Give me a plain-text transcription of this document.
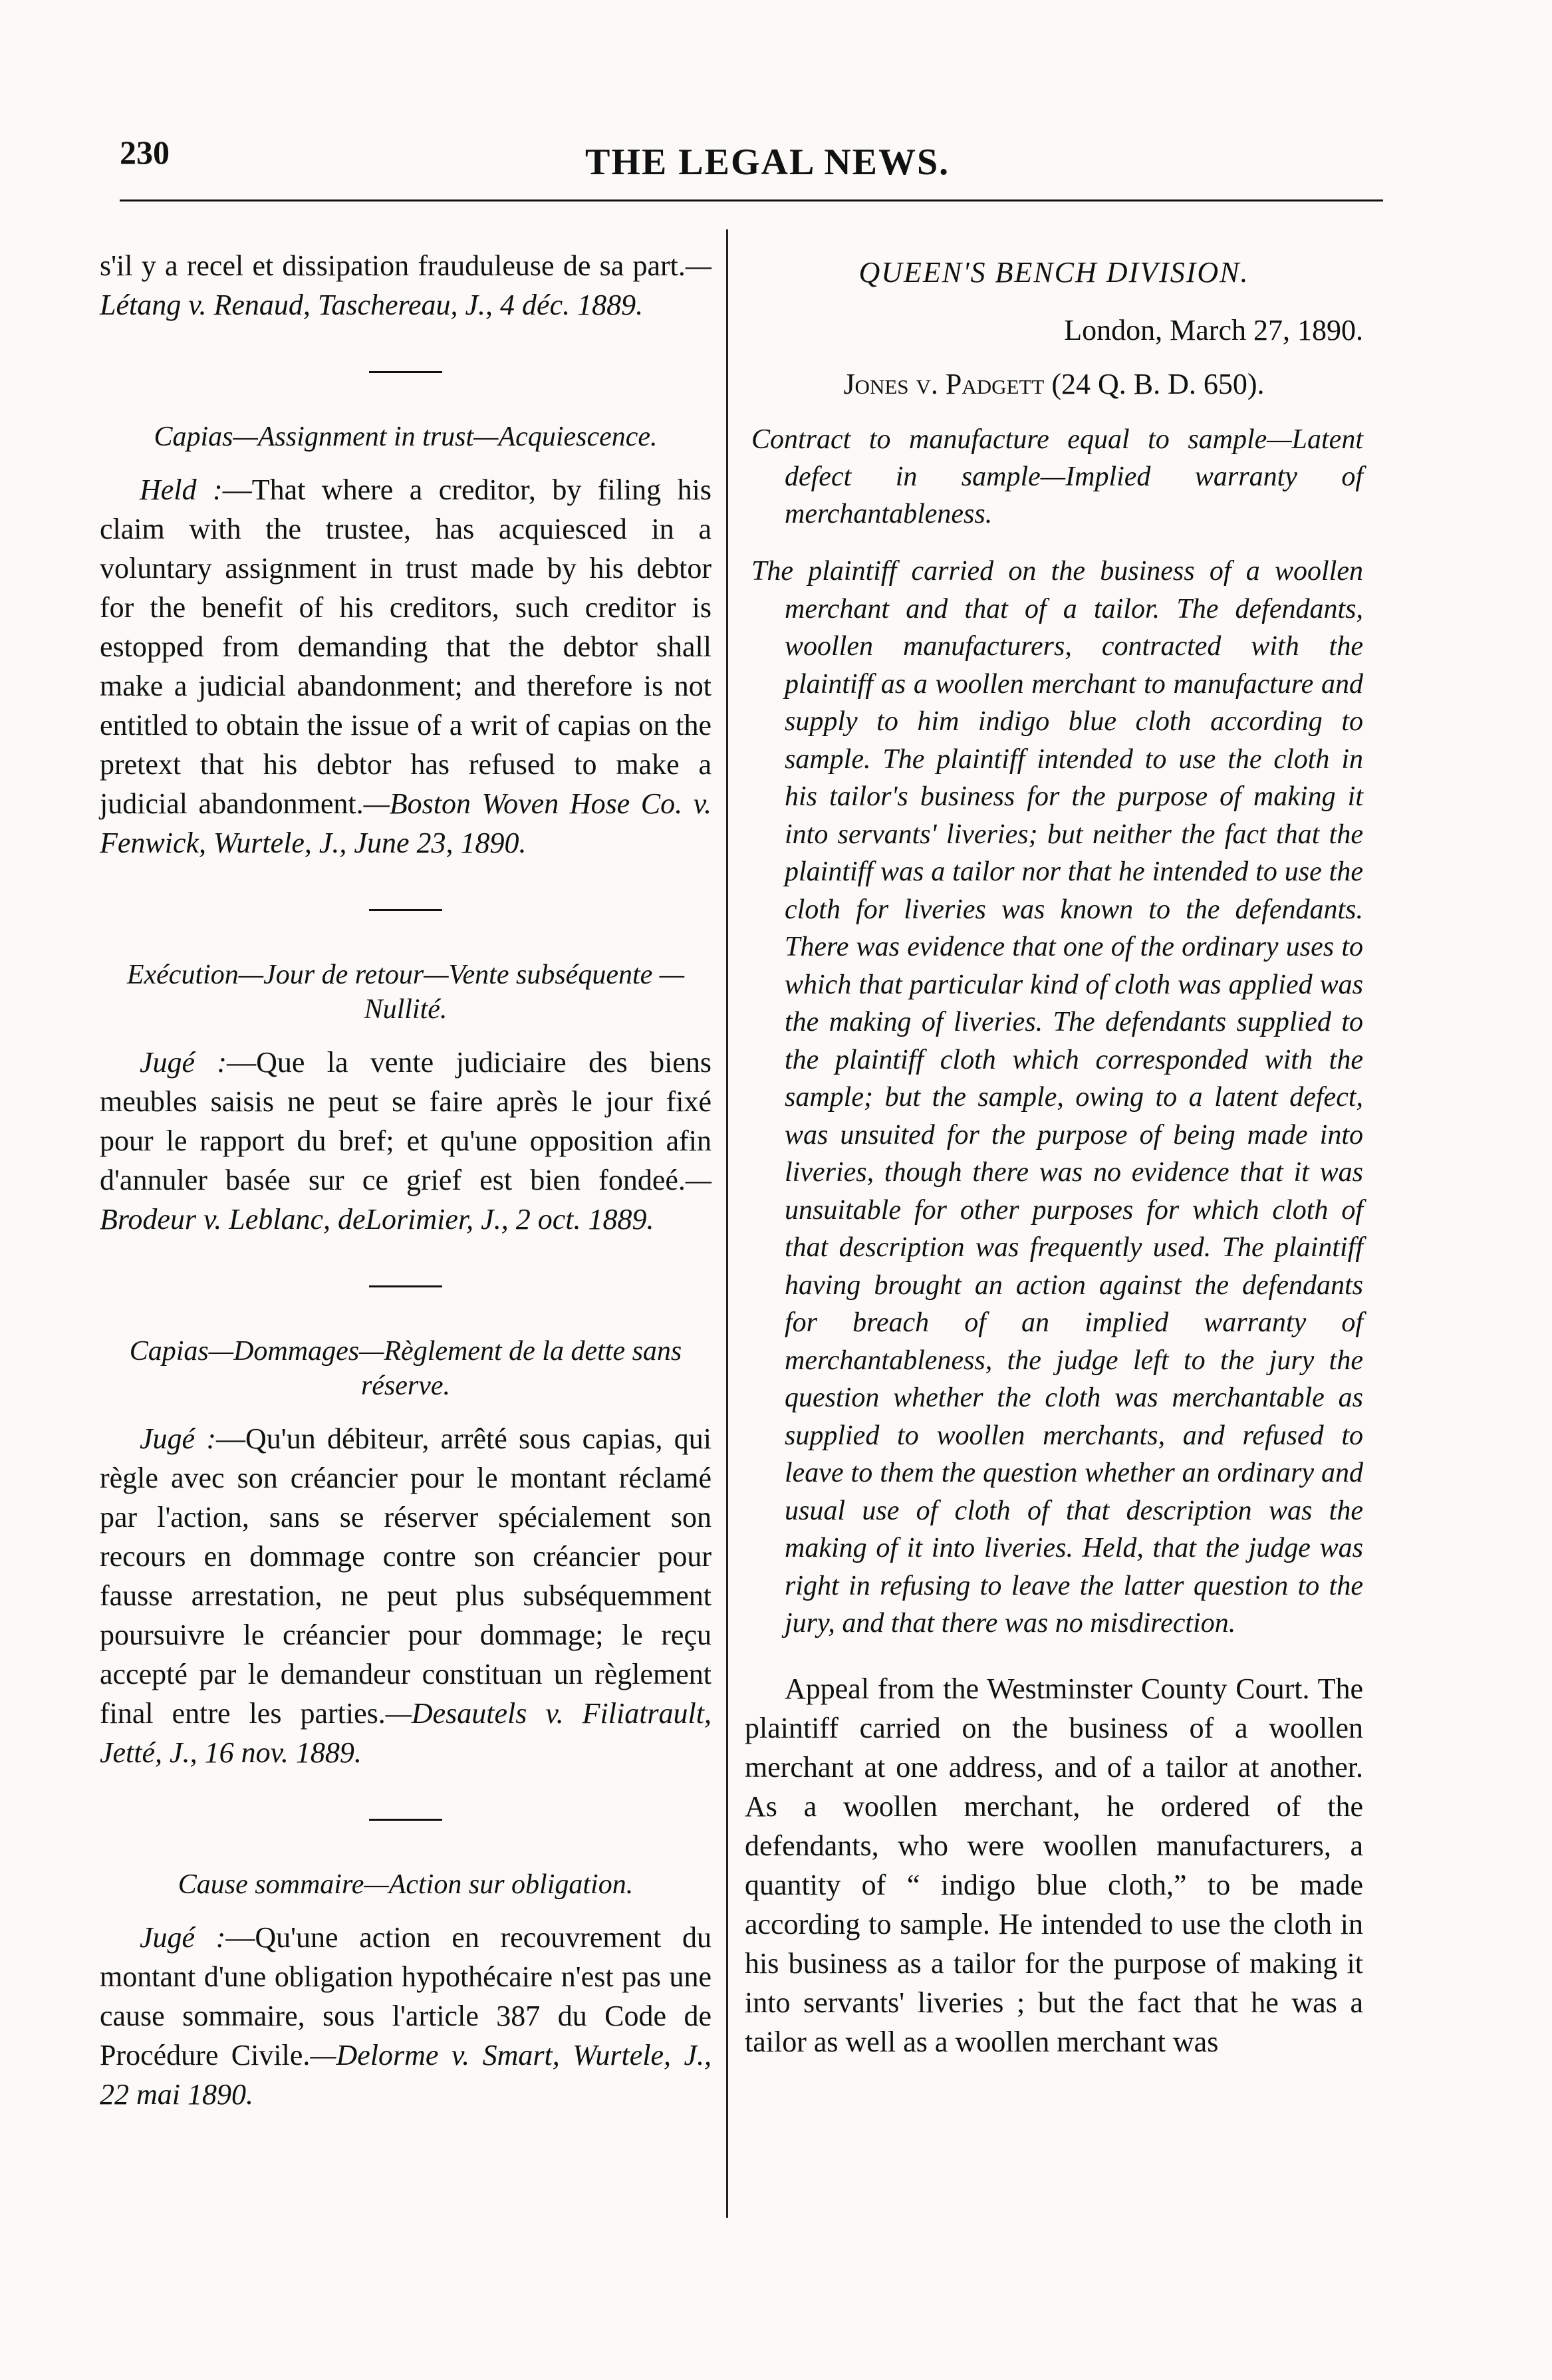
230	THE LEGAL NEWS.

s'il y a recel et dissipation frauduleuse de sa part.—Létang v. Renaud, Taschereau, J., 4 déc. 1889.

Capias—Assignment in trust—Acquiescence.

Held :—That where a creditor, by filing his claim with the trustee, has acquiesced in a voluntary assignment in trust made by his debtor for the benefit of his creditors, such creditor is estopped from demanding that the debtor shall make a judicial abandonment; and therefore is not entitled to obtain the issue of a writ of capias on the pretext that his debtor has refused to make a judicial abandonment.—Boston Woven Hose Co. v. Fenwick, Wurtele, J., June 23, 1890.

Exécution—Jour de retour—Vente subséquente —Nullité.

Jugé :—Que la vente judiciaire des biens meubles saisis ne peut se faire après le jour fixé pour le rapport du bref; et qu'une opposition afin d'annuler basée sur ce grief est bien fondeé.—Brodeur v. Leblanc, deLorimier, J., 2 oct. 1889.

Capias—Dommages—Règlement de la dette sans réserve.

Jugé :—Qu'un débiteur, arrêté sous capias, qui règle avec son créancier pour le montant réclamé par l'action, sans se réserver spécialement son recours en dommage contre son créancier pour fausse arrestation, ne peut plus subséquemment poursuivre le créancier pour dommage; le reçu accepté par le demandeur constituan un règlement final entre les parties.—Desautels v. Filiatrault, Jetté, J., 16 nov. 1889.

Cause sommaire—Action sur obligation.

Jugé :—Qu'une action en recouvrement du montant d'une obligation hypothécaire n'est pas une cause sommaire, sous l'article 387 du Code de Procédure Civile.—Delorme v. Smart, Wurtele, J., 22 mai 1890.

QUEEN'S BENCH DIVISION.
London, March 27, 1890.
Jones v. Padgett (24 Q. B. D. 650).

Contract to manufacture equal to sample—Latent defect in sample—Implied warranty of merchantableness.

The plaintiff carried on the business of a woollen merchant and that of a tailor. The defendants, woollen manufacturers, contracted with the plaintiff as a woollen merchant to manufacture and supply to him indigo blue cloth according to sample. The plaintiff intended to use the cloth in his tailor's business for the purpose of making it into servants' liveries; but neither the fact that the plaintiff was a tailor nor that he intended to use the cloth for liveries was known to the defendants. There was evidence that one of the ordinary uses to which that particular kind of cloth was applied was the making of liveries. The defendants supplied to the plaintiff cloth which corresponded with the sample; but the sample, owing to a latent defect, was unsuited for the purpose of being made into liveries, though there was no evidence that it was unsuitable for other purposes for which cloth of that description was frequently used. The plaintiff having brought an action against the defendants for breach of an implied warranty of merchantableness, the judge left to the jury the question whether the cloth was merchantable as supplied to woollen merchants, and refused to leave to them the question whether an ordinary and usual use of cloth of that description was the making of it into liveries. Held, that the judge was right in refusing to leave the latter question to the jury, and that there was no misdirection.

Appeal from the Westminster County Court. The plaintiff carried on the business of a woollen merchant at one address, and of a tailor at another. As a woollen merchant, he ordered of the defendants, who were woollen manufacturers, a quantity of “ indigo blue cloth,” to be made according to sample. He intended to use the cloth in his business as a tailor for the purpose of making it into servants' liveries ; but the fact that he was a tailor as well as a woollen merchant was
